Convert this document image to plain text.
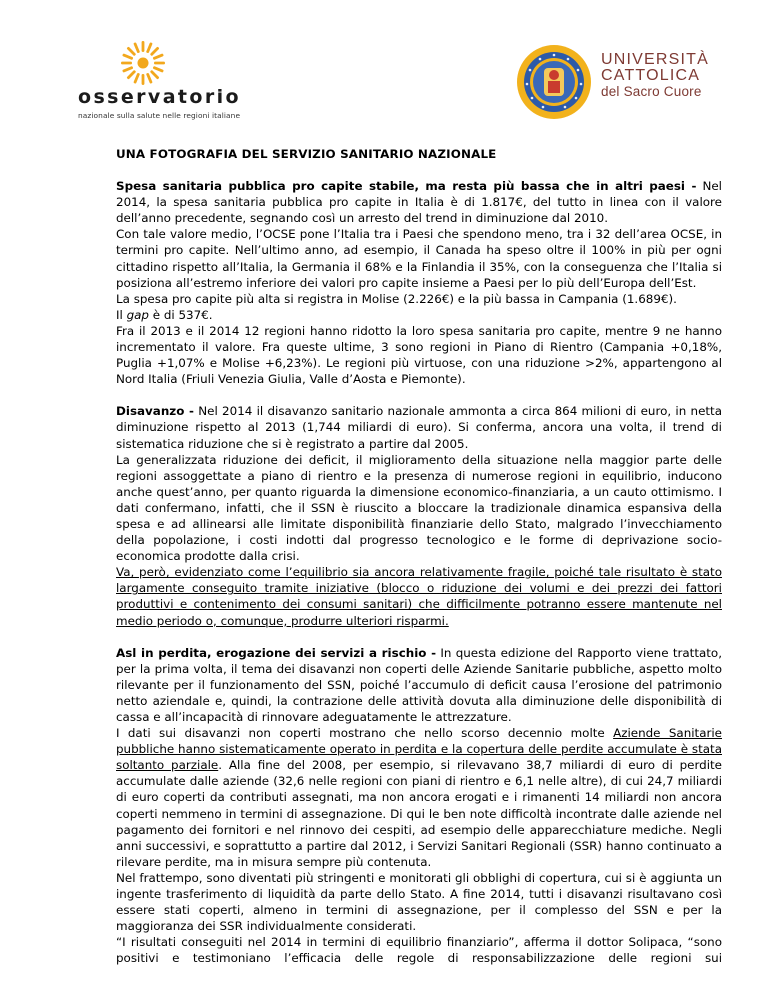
osservatorio
nazionale sulla salute nelle regioni italiane
UNIVERSITÀ
CATTOLICA
del Sacro Cuore

UNA FOTOGRAFIA DEL SERVIZIO SANITARIO NAZIONALE

Spesa sanitaria pubblica pro capite stabile, ma resta più bassa che in altri paesi - Nel 2014, la spesa sanitaria pubblica pro capite in Italia è di 1.817€, del tutto in linea con il valore dell’anno precedente, segnando così un arresto del trend in diminuzione dal 2010.

Con tale valore medio, l’OCSE pone l’Italia tra i Paesi che spendono meno, tra i 32 dell’area OCSE, in termini pro capite. Nell’ultimo anno, ad esempio, il Canada ha speso oltre il 100% in più per ogni cittadino rispetto all’Italia, la Germania il 68% e la Finlandia il 35%, con la conseguenza che l’Italia si posiziona all’estremo inferiore dei valori pro capite insieme a Paesi per lo più dell’Europa dell’Est.

La spesa pro capite più alta si registra in Molise (2.226€) e la più bassa in Campania (1.689€).

Il gap è di 537€.

Fra il 2013 e il 2014 12 regioni hanno ridotto la loro spesa sanitaria pro capite, mentre 9 ne hanno incrementato il valore. Fra queste ultime, 3 sono regioni in Piano di Rientro (Campania +0,18%, Puglia +1,07% e Molise +6,23%). Le regioni più virtuose, con una riduzione >2%, appartengono al Nord Italia (Friuli Venezia Giulia, Valle d’Aosta e Piemonte).

Disavanzo - Nel 2014 il disavanzo sanitario nazionale ammonta a circa 864 milioni di euro, in netta diminuzione rispetto al 2013 (1,744 miliardi di euro). Si conferma, ancora una volta, il trend di sistematica riduzione che si è registrato a partire dal 2005.

La generalizzata riduzione dei deficit, il miglioramento della situazione nella maggior parte delle regioni assoggettate a piano di rientro e la presenza di numerose regioni in equilibrio, inducono anche quest’anno, per quanto riguarda la dimensione economico-finanziaria, a un cauto ottimismo. I dati confermano, infatti, che il SSN è riuscito a bloccare la tradizionale dinamica espansiva della spesa e ad allinearsi alle limitate disponibilità finanziarie dello Stato, malgrado l’invecchiamento della popolazione, i costi indotti dal progresso tecnologico e le forme di deprivazione socio-economica prodotte dalla crisi.

Va, però, evidenziato come l’equilibrio sia ancora relativamente fragile, poiché tale risultato è stato largamente conseguito tramite iniziative (blocco o riduzione dei volumi e dei prezzi dei fattori produttivi e contenimento dei consumi sanitari) che difficilmente potranno essere mantenute nel medio periodo o, comunque, produrre ulteriori risparmi.

Asl in perdita, erogazione dei servizi a rischio - In questa edizione del Rapporto viene trattato, per la prima volta, il tema dei disavanzi non coperti delle Aziende Sanitarie pubbliche, aspetto molto rilevante per il funzionamento del SSN, poiché l’accumulo di deficit causa l’erosione del patrimonio netto aziendale e, quindi, la contrazione delle attività dovuta alla diminuzione delle disponibilità di cassa e all’incapacità di rinnovare adeguatamente le attrezzature.

I dati sui disavanzi non coperti mostrano che nello scorso decennio molte Aziende Sanitarie pubbliche hanno sistematicamente operato in perdita e la copertura delle perdite accumulate è stata soltanto parziale. Alla fine del 2008, per esempio, si rilevavano 38,7 miliardi di euro di perdite accumulate dalle aziende (32,6 nelle regioni con piani di rientro e 6,1 nelle altre), di cui 24,7 miliardi di euro coperti da contributi assegnati, ma non ancora erogati e i rimanenti 14 miliardi non ancora coperti nemmeno in termini di assegnazione. Di qui le ben note difficoltà incontrate dalle aziende nel pagamento dei fornitori e nel rinnovo dei cespiti, ad esempio delle apparecchiature mediche. Negli anni successivi, e soprattutto a partire dal 2012, i Servizi Sanitari Regionali (SSR) hanno continuato a rilevare perdite, ma in misura sempre più contenuta.

Nel frattempo, sono diventati più stringenti e monitorati gli obblighi di copertura, cui si è aggiunta un ingente trasferimento di liquidità da parte dello Stato. A fine 2014, tutti i disavanzi risultavano così essere stati coperti, almeno in termini di assegnazione, per il complesso del SSN e per la maggioranza dei SSR individualmente considerati.

“I risultati conseguiti nel 2014 in termini di equilibrio finanziario”, afferma il dottor Solipaca, “sono positivi e testimoniano l’efficacia delle regole di responsabilizzazione delle regioni sui
